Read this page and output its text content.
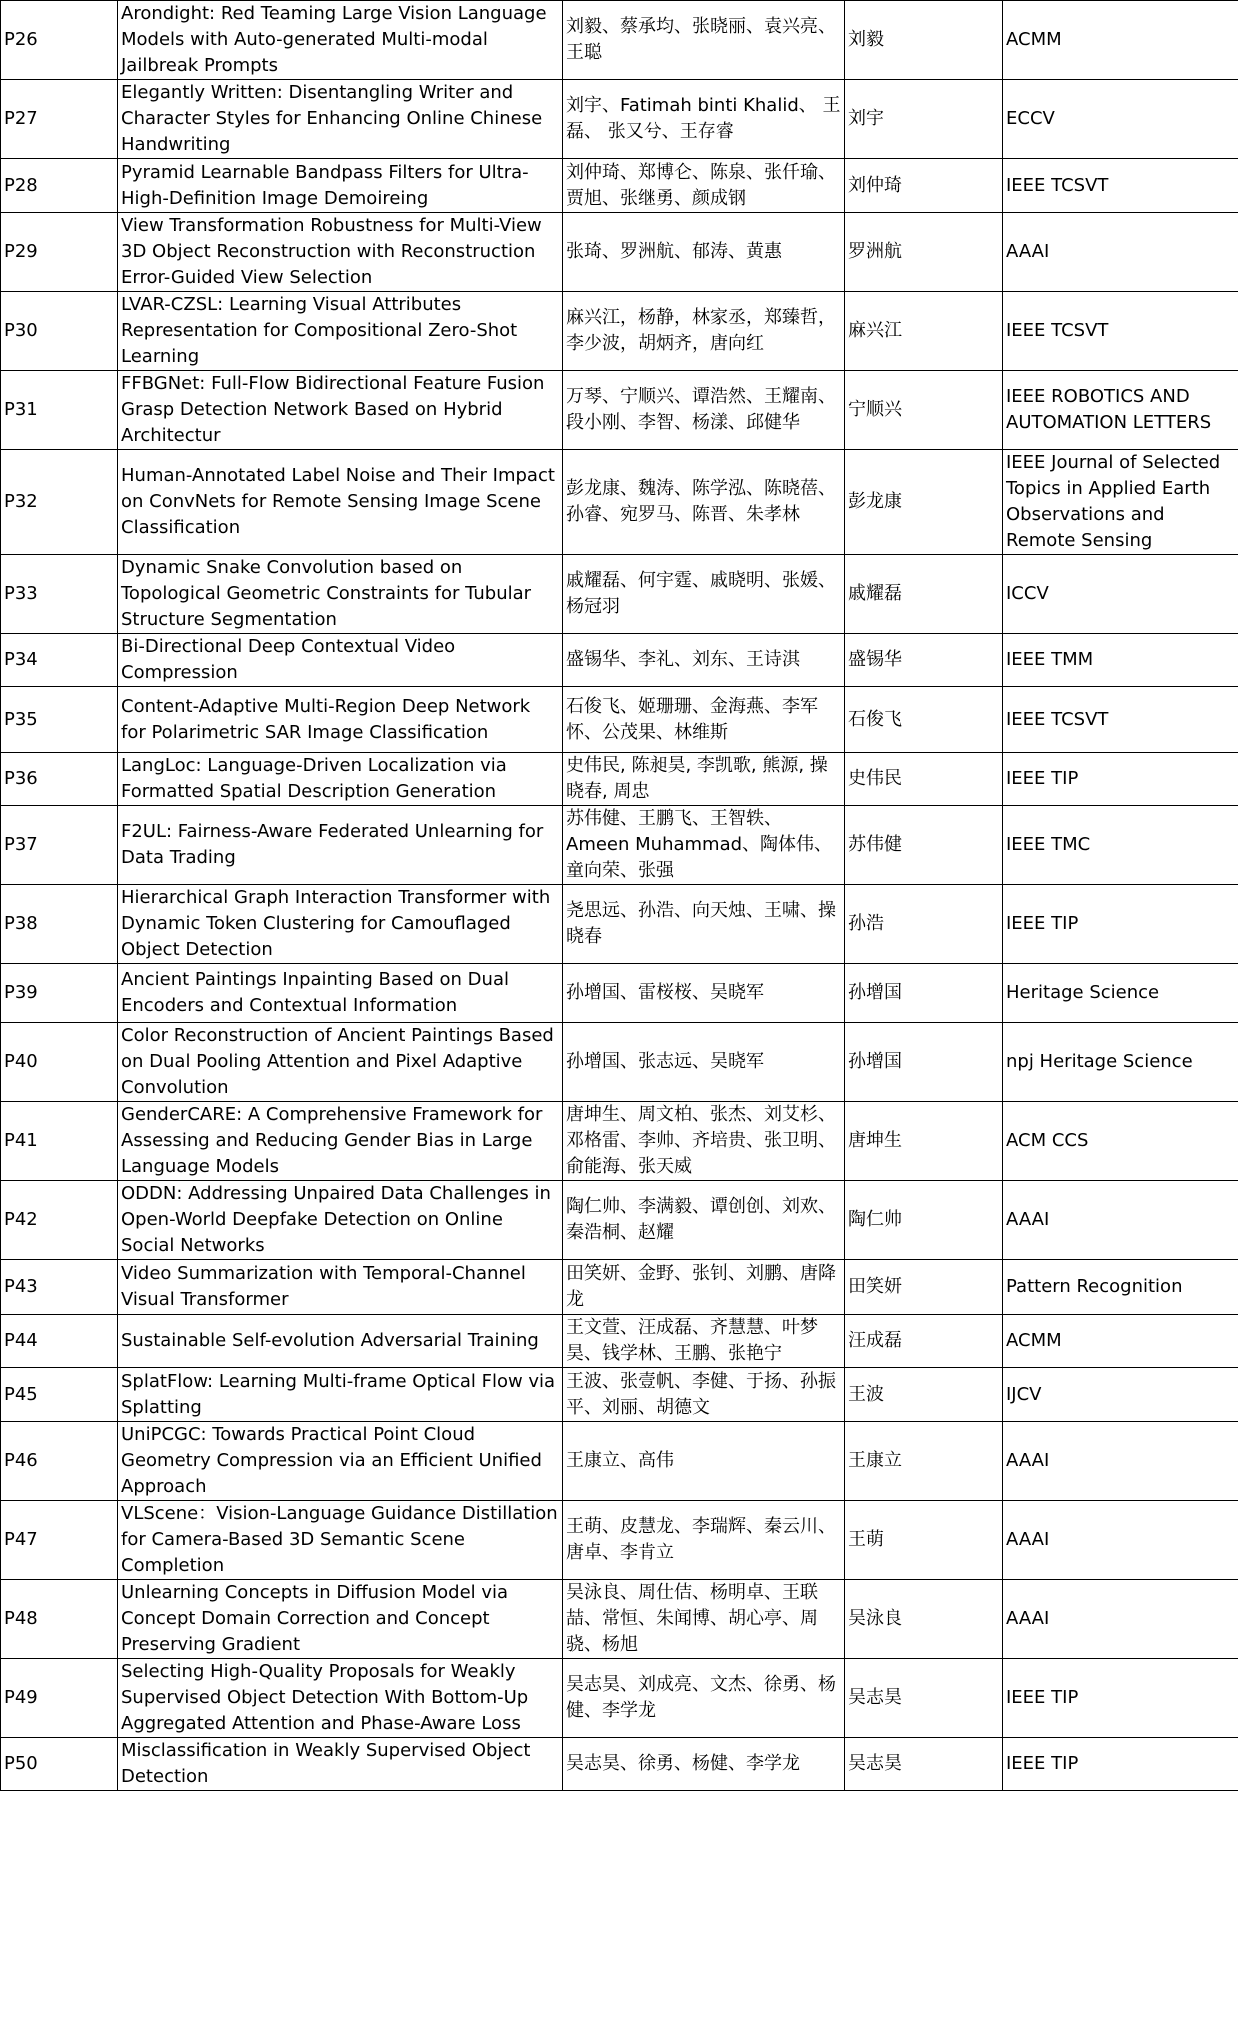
P26	Arondight: Red Teaming Large Vision Language Models with Auto-generated Multi-modal Jailbreak Prompts	刘毅、蔡承均、张晓丽、袁兴亮、王聪	刘毅	ACMM
P27	Elegantly Written: Disentangling Writer and Character Styles for Enhancing Online Chinese Handwriting	刘宇、Fatimah binti Khalid、 王磊、 张又兮、王存睿	刘宇	ECCV
P28	Pyramid Learnable Bandpass Filters for Ultra-High-Definition Image Demoireing	刘仲琦、郑博仑、陈泉、张仟瑜、贾旭、张继勇、颜成钢	刘仲琦	IEEE TCSVT
P29	View Transformation Robustness for Multi-View 3D Object Reconstruction with Reconstruction Error-Guided View Selection	张琦、罗洲航、郁涛、黄惠	罗洲航	AAAI
P30	LVAR-CZSL: Learning Visual Attributes Representation for Compositional Zero-Shot Learning	麻兴江，杨静，林家丞，郑臻哲，李少波，胡炳齐，唐向红	麻兴江	IEEE TCSVT
P31	FFBGNet: Full-Flow Bidirectional Feature Fusion Grasp Detection Network Based on Hybrid Architectur	万琴、宁顺兴、谭浩然、王耀南、段小刚、李智、杨漾、邱健华	宁顺兴	IEEE ROBOTICS AND AUTOMATION LETTERS
P32	Human-Annotated Label Noise and Their Impact on ConvNets for Remote Sensing Image Scene Classification	彭龙康、魏涛、陈学泓、陈晓蓓、孙睿、宛罗马、陈晋、朱孝林	彭龙康	IEEE Journal of Selected Topics in Applied Earth Observations and Remote Sensing
P33	Dynamic Snake Convolution based on Topological Geometric Constraints for Tubular Structure Segmentation	戚耀磊、何宇霆、戚晓明、张媛、杨冠羽	戚耀磊	ICCV
P34	Bi-Directional Deep Contextual Video Compression	盛锡华、李礼、刘东、王诗淇	盛锡华	IEEE TMM
P35	Content-Adaptive Multi-Region Deep Network for Polarimetric SAR Image Classification	石俊飞、姬珊珊、金海燕、李军怀、公茂果、林维斯	石俊飞	IEEE TCSVT
P36	LangLoc: Language-Driven Localization via Formatted Spatial Description Generation	史伟民, 陈昶昊, 李凯歌, 熊源, 操晓春, 周忠	史伟民	IEEE TIP
P37	F2UL: Fairness-Aware Federated Unlearning for Data Trading	苏伟健、王鹏飞、王智轶、Ameen Muhammad、陶体伟、童向荣、张强	苏伟健	IEEE TMC
P38	Hierarchical Graph Interaction Transformer with Dynamic Token Clustering for Camouflaged Object Detection	尧思远、孙浩、向天烛、王啸、操晓春	孙浩	IEEE TIP
P39	Ancient Paintings Inpainting Based on Dual Encoders and Contextual Information	孙增国、雷桜桜、吴晓军	孙增国	Heritage Science
P40	Color Reconstruction of Ancient Paintings Based on Dual Pooling Attention and Pixel Adaptive Convolution	孙增国、张志远、吴晓军	孙增国	npj Heritage Science
P41	GenderCARE: A Comprehensive Framework for Assessing and Reducing Gender Bias in Large Language Models	唐坤生、周文柏、张杰、刘艾杉、邓格雷、李帅、齐培贵、张卫明、俞能海、张天威	唐坤生	ACM CCS
P42	ODDN: Addressing Unpaired Data Challenges in Open-World Deepfake Detection on Online Social Networks	陶仁帅、李满毅、谭创创、刘欢、秦浩桐、赵耀	陶仁帅	AAAI
P43	Video Summarization with Temporal-Channel Visual Transformer	田笑妍、金野、张钊、刘鹏、唐降龙	田笑妍	Pattern Recognition
P44	Sustainable Self-evolution Adversarial Training	王文萱、汪成磊、齐慧慧、叶梦昊、钱学林、王鹏、张艳宁	汪成磊	ACMM
P45	SplatFlow: Learning Multi-frame Optical Flow via Splatting	王波、张壹帆、李健、于扬、孙振平、刘丽、胡德文	王波	IJCV
P46	UniPCGC: Towards Practical Point Cloud Geometry Compression via an Efficient Unified Approach	王康立、高伟	王康立	AAAI
P47	VLScene：Vision-Language Guidance Distillation for Camera-Based 3D Semantic Scene Completion	王萌、皮慧龙、李瑞辉、秦云川、唐卓、李肯立	王萌	AAAI
P48	Unlearning Concepts in Diffusion Model via Concept Domain Correction and Concept Preserving Gradient	吴泳良、周仕佶、杨明卓、王联喆、常恒、朱闻博、胡心亭、周骁、杨旭	吴泳良	AAAI
P49	Selecting High-Quality Proposals for Weakly Supervised Object Detection With Bottom-Up Aggregated Attention and Phase-Aware Loss	吴志昊、刘成亮、文杰、徐勇、杨健、李学龙	吴志昊	IEEE TIP
P50	Misclassification in Weakly Supervised Object Detection	吴志昊、徐勇、杨健、李学龙	吴志昊	IEEE TIP
